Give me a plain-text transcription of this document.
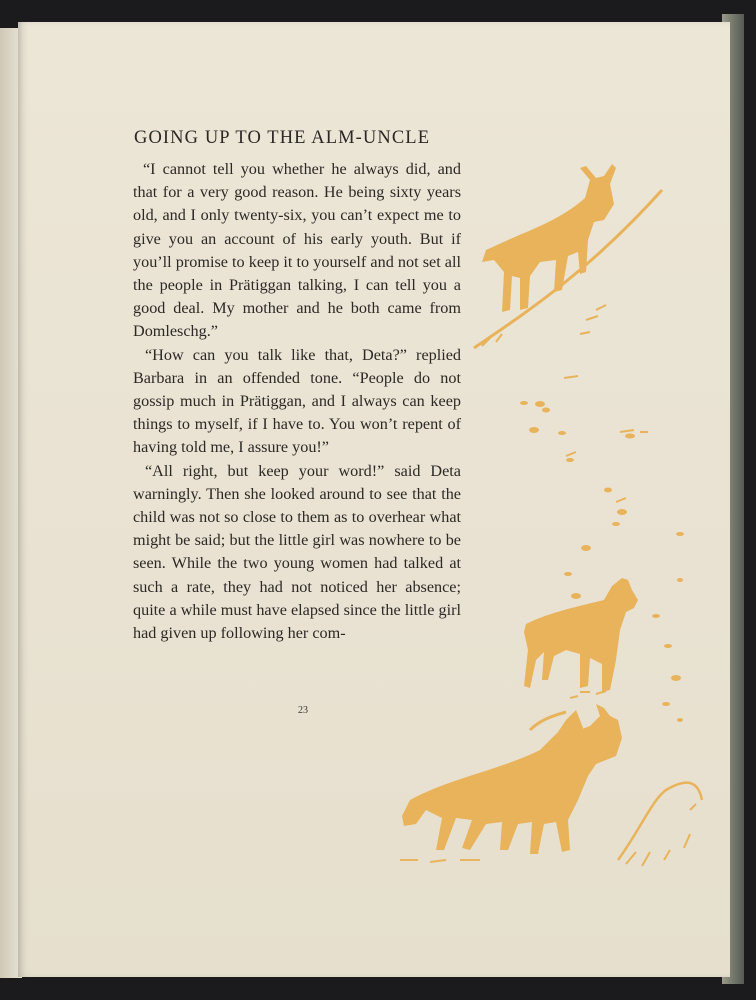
GOING UP TO THE ALM-UNCLE

“I cannot tell you whether he always did, and that for a very good reason. He being sixty years old, and I only twenty-six, you can’t expect me to give you an account of his early youth. But if you’ll promise to keep it to yourself and not set all the people in Prätiggan talking, I can tell you a good deal. My mother and he both came from Domleschg.”

“How can you talk like that, Deta?” replied Barbara in an offended tone. “People do not gossip much in Prätiggan, and I always can keep things to myself, if I have to. You won’t repent of having told me, I assure you!”

“All right, but keep your word!” said Deta warningly. Then she looked around to see that the child was not so close to them as to overhear what might be said; but the little girl was nowhere to be seen. While the two young women had talked at such a rate, they had not noticed her absence; quite a while must have elapsed since the little girl had given up following her com-

23
